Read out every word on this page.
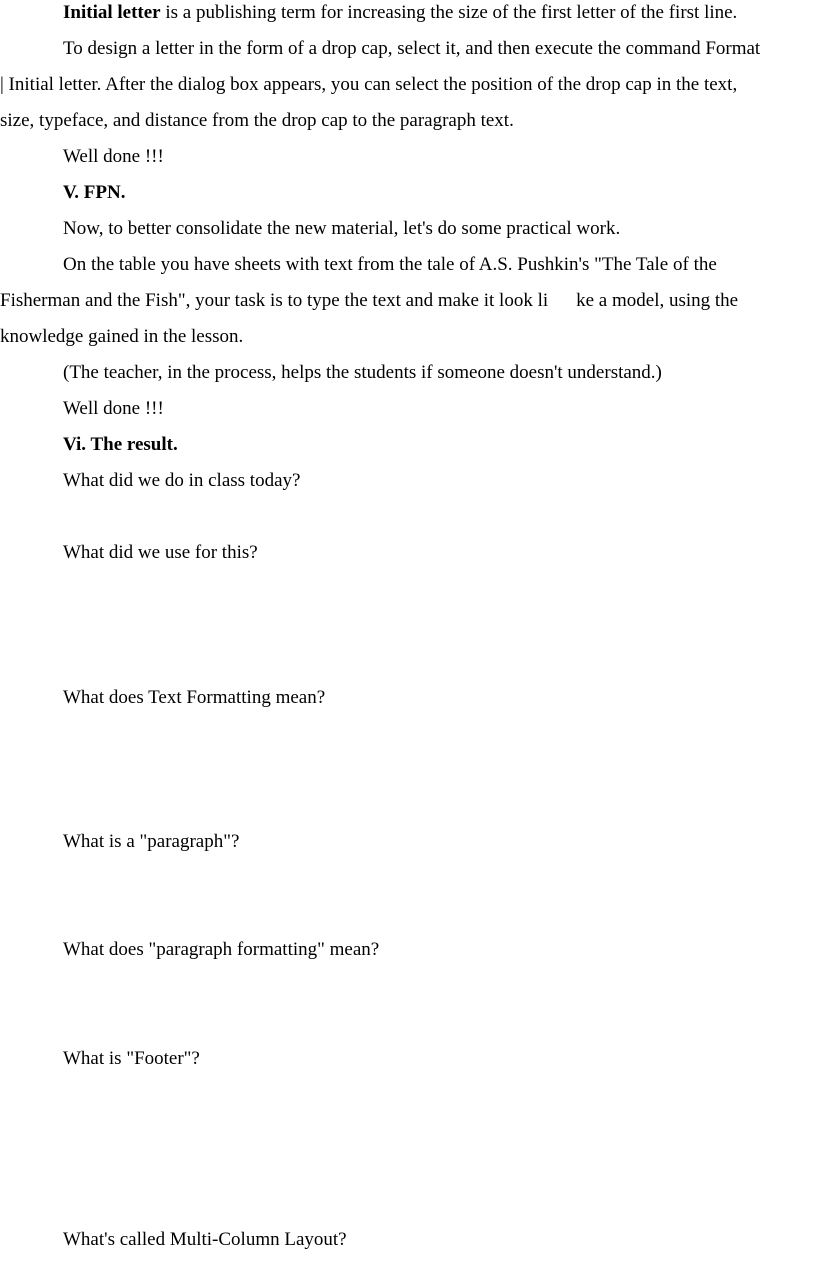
Initial letter is a publishing term for increasing the size of the first letter of the first line.

To design a letter in the form of a drop cap, select it, and then execute the command Format

| Initial letter. After the dialog box appears, you can select the position of the drop cap in the text,

size, typeface, and distance from the drop cap to the paragraph text.

Well done !!!

V. FPN.

Now, to better consolidate the new material, let's do some practical work.

On the table you have sheets with text from the tale of A.S. Pushkin's "The Tale of the

Fisherman and the Fish", your task is to type the text and make it look li ke a model, using the

knowledge gained in the lesson.

(The teacher, in the process, helps the students if someone doesn't understand.)

Well done !!!

Vi. The result.

What did we do in class today?

What did we use for this?

What does Text Formatting mean?

What is a "paragraph"?

What does "paragraph formatting" mean?

What is "Footer"?

What's called Multi-Column Layout?
